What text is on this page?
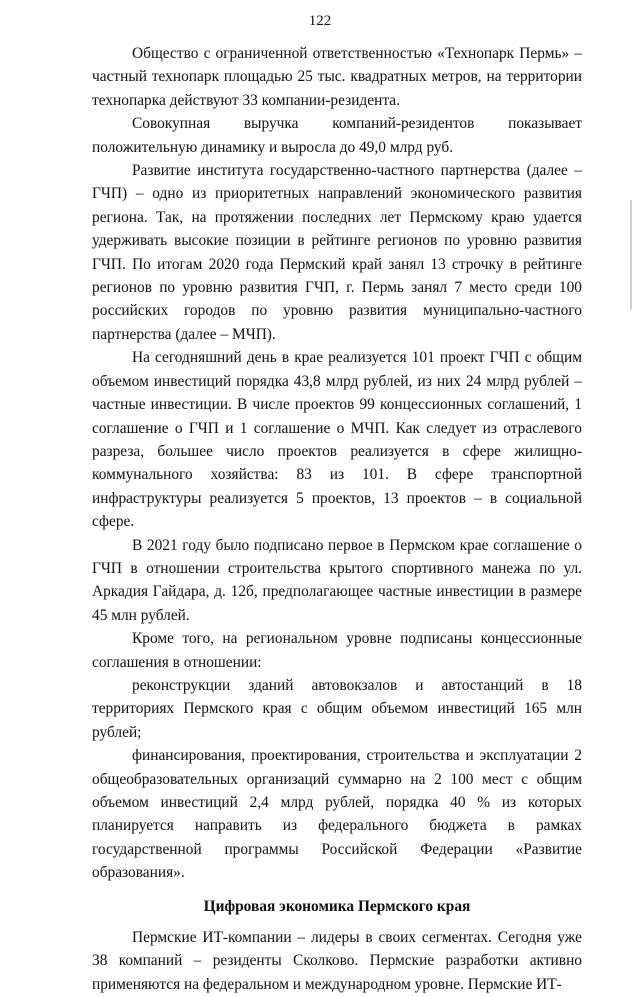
122

Общество с ограниченной ответственностью «Технопарк Пермь» – частный технопарк площадью 25 тыс. квадратных метров, на территории технопарка действуют 33 компании-резидента.

Совокупная выручка компаний-резидентов показывает положительную динамику и выросла до 49,0 млрд руб.

Развитие института государственно-частного партнерства (далее – ГЧП) – одно из приоритетных направлений экономического развития региона. Так, на протяжении последних лет Пермскому краю удается удерживать высокие позиции в рейтинге регионов по уровню развития ГЧП. По итогам 2020 года Пермский край занял 13 строчку в рейтинге регионов по уровню развития ГЧП, г. Пермь занял 7 место среди 100 российских городов по уровню развития муниципально-частного партнерства (далее – МЧП).

На сегодняшний день в крае реализуется 101 проект ГЧП с общим объемом инвестиций порядка 43,8 млрд рублей, из них 24 млрд рублей – частные инвестиции. В числе проектов 99 концессионных соглашений, 1 соглашение о ГЧП и 1 соглашение о МЧП. Как следует из отраслевого разреза, большее число проектов реализуется в сфере жилищно-коммунального хозяйства: 83 из 101. В сфере транспортной инфраструктуры реализуется 5 проектов, 13 проектов – в социальной сфере.

В 2021 году было подписано первое в Пермском крае соглашение о ГЧП в отношении строительства крытого спортивного манежа по ул. Аркадия Гайдара, д. 12б, предполагающее частные инвестиции в размере 45 млн рублей.

Кроме того, на региональном уровне подписаны концессионные соглашения в отношении:

реконструкции зданий автовокзалов и автостанций в 18 территориях Пермского края с общим объемом инвестиций 165 млн рублей;

финансирования, проектирования, строительства и эксплуатации 2 общеобразовательных организаций суммарно на 2 100 мест с общим объемом инвестиций 2,4 млрд рублей, порядка 40 % из которых планируется направить из федерального бюджета в рамках государственной программы Российской Федерации «Развитие образования».

Цифровая экономика Пермского края

Пермские ИТ-компании – лидеры в своих сегментах. Сегодня уже 38 компаний – резиденты Сколково. Пермские разработки активно применяются на федеральном и международном уровне. Пермские ИТ-
